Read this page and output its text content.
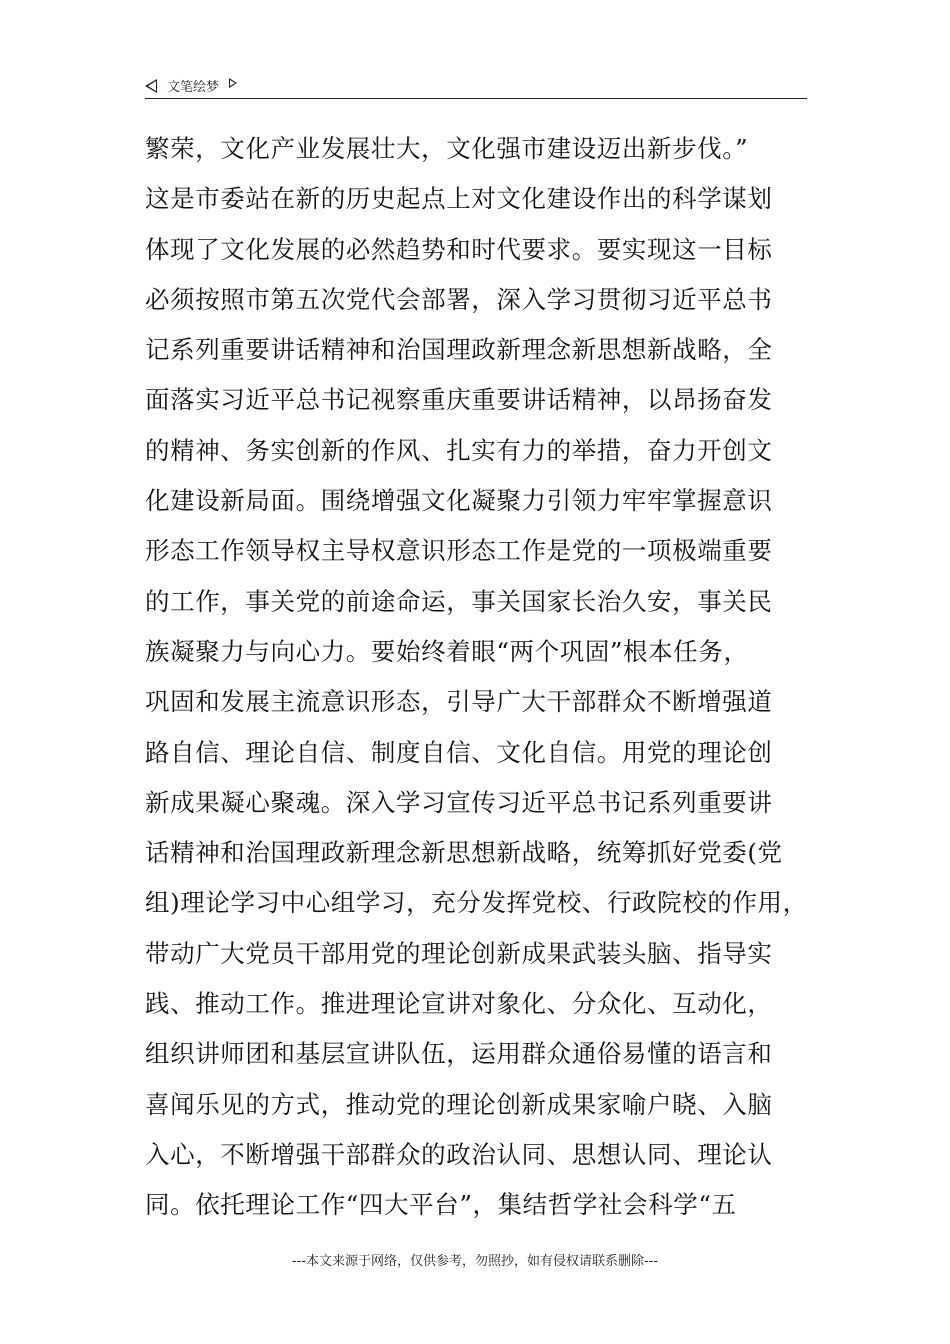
文笔绘梦
繁荣，文化产业发展壮大，文化强市建设迈出新步伐。”
这是市委站在新的历史起点上对文化建设作出的科学谋划
体现了文化发展的必然趋势和时代要求。要实现这一目标
必须按照市第五次党代会部署，深入学习贯彻习近平总书
记系列重要讲话精神和治国理政新理念新思想新战略，全
面落实习近平总书记视察重庆重要讲话精神，以昂扬奋发
的精神、务实创新的作风、扎实有力的举措，奋力开创文
化建设新局面。围绕增强文化凝聚力引领力牢牢掌握意识
形态工作领导权主导权意识形态工作是党的一项极端重要
的工作，事关党的前途命运，事关国家长治久安，事关民
族凝聚力与向心力。要始终着眼“两个巩固”根本任务，
巩固和发展主流意识形态，引导广大干部群众不断增强道
路自信、理论自信、制度自信、文化自信。用党的理论创
新成果凝心聚魂。深入学习宣传习近平总书记系列重要讲
话精神和治国理政新理念新思想新战略，统筹抓好党委(党
组)理论学习中心组学习，充分发挥党校、行政院校的作用，
带动广大党员干部用党的理论创新成果武装头脑、指导实
践、推动工作。推进理论宣讲对象化、分众化、互动化，
组织讲师团和基层宣讲队伍，运用群众通俗易懂的语言和
喜闻乐见的方式，推动党的理论创新成果家喻户晓、入脑
入心，不断增强干部群众的政治认同、思想认同、理论认
同。依托理论工作“四大平台”，集结哲学社会科学“五
---本文来源于网络，仅供参考，勿照抄，如有侵权请联系删除---
